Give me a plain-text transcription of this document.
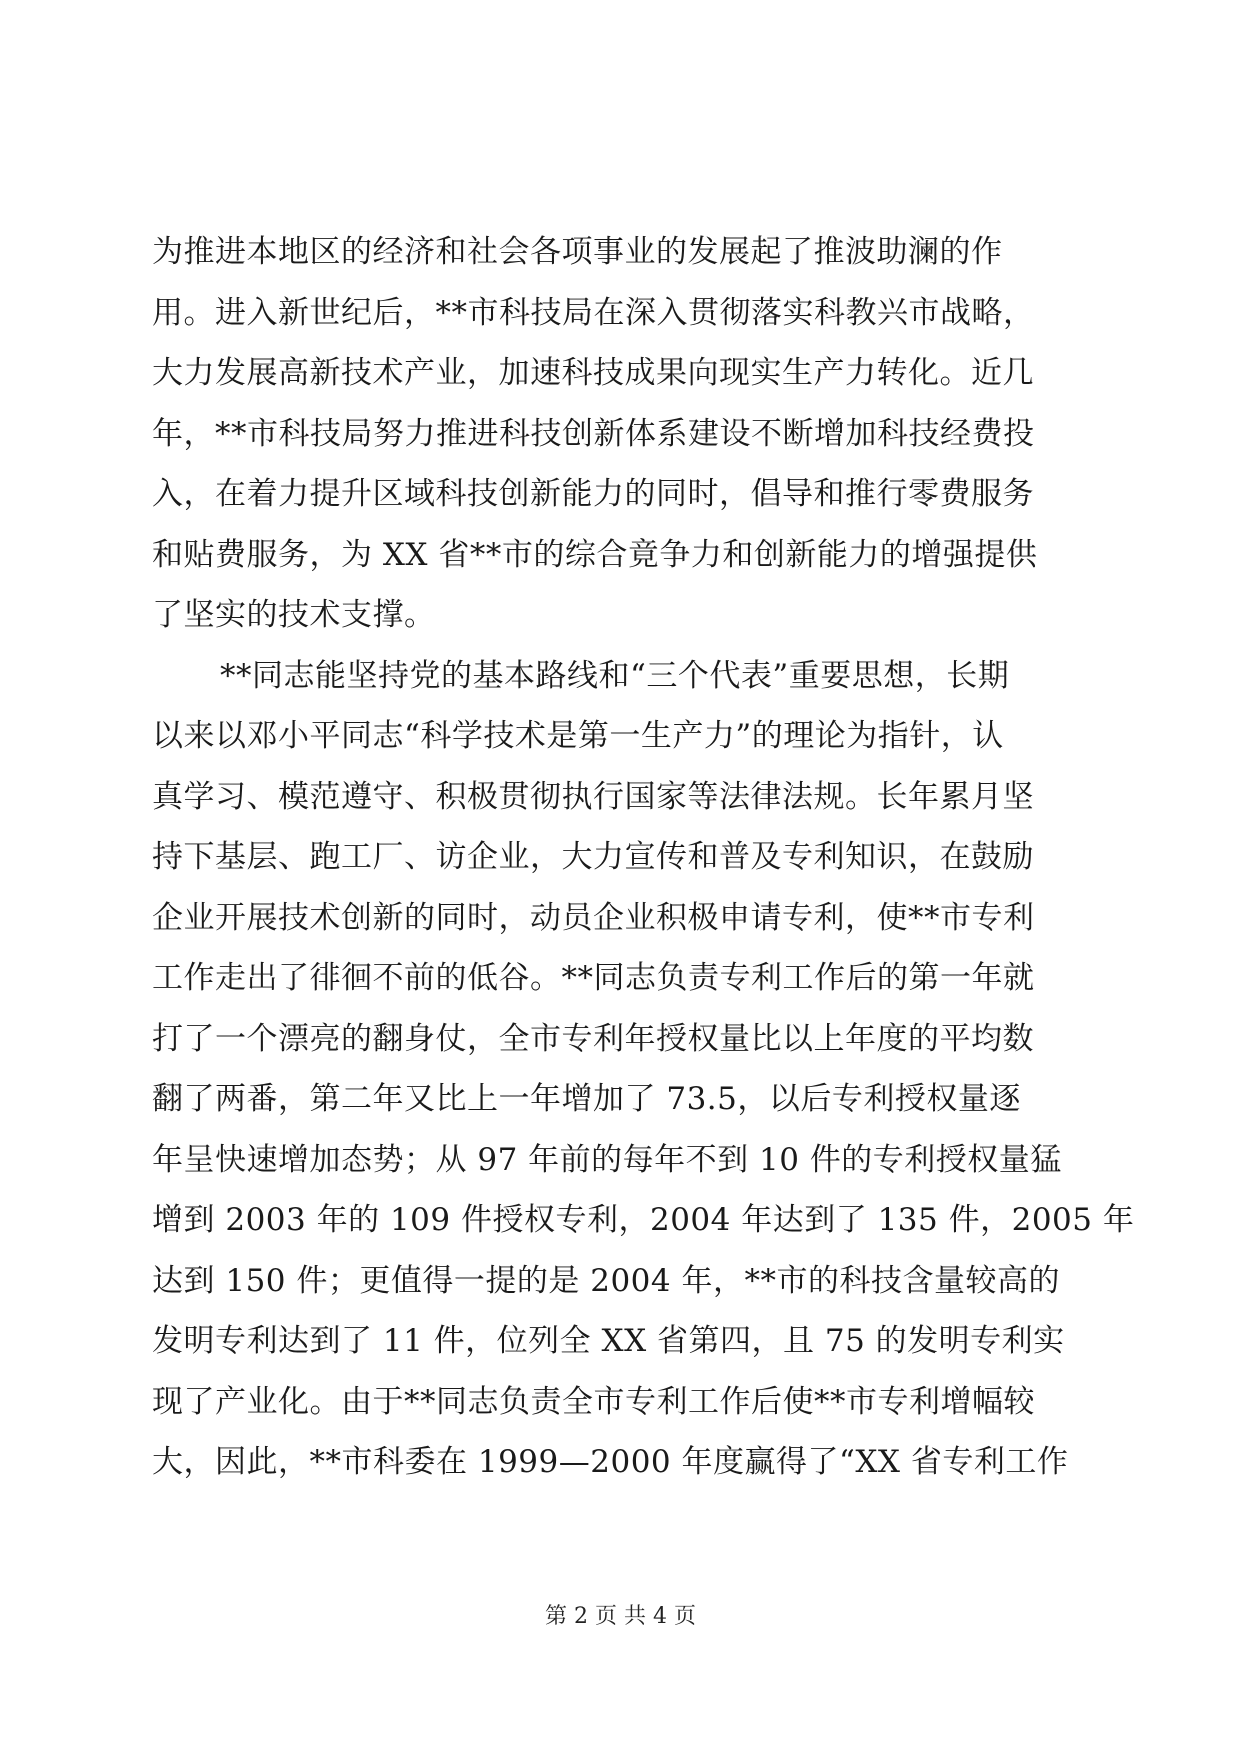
为推进本地区的经济和社会各项事业的发展起了推波助澜的作
用。进入新世纪后，**市科技局在深入贯彻落实科教兴市战略，
大力发展高新技术产业，加速科技成果向现实生产力转化。近几
年，**市科技局努力推进科技创新体系建设不断增加科技经费投
入，在着力提升区域科技创新能力的同时，倡导和推行零费服务
和贴费服务，为 XX 省**市的综合竟争力和创新能力的增强提供
了坚实的技术支撑。
**同志能坚持党的基本路线和“三个代表”重要思想，长期
以来以邓小平同志“科学技术是第一生产力”的理论为指针，认
真学习、模范遵守、积极贯彻执行国家等法律法规。长年累月坚
持下基层、跑工厂、访企业，大力宣传和普及专利知识，在鼓励
企业开展技术创新的同时，动员企业积极申请专利，使**市专利
工作走出了徘徊不前的低谷。**同志负责专利工作后的第一年就
打了一个漂亮的翻身仗，全市专利年授权量比以上年度的平均数
翻了两番，第二年又比上一年增加了 73.5，以后专利授权量逐
年呈快速增加态势；从 97 年前的每年不到 10 件的专利授权量猛
增到 2003 年的 109 件授权专利，2004 年达到了 135 件，2005 年
达到 150 件；更值得一提的是 2004 年，**市的科技含量较高的
发明专利达到了 11 件，位列全 XX 省第四，且 75 的发明专利实
现了产业化。由于**同志负责全市专利工作后使**市专利增幅较
大，因此，**市科委在 1999—2000 年度赢得了“XX 省专利工作
第 2 页 共 4 页
